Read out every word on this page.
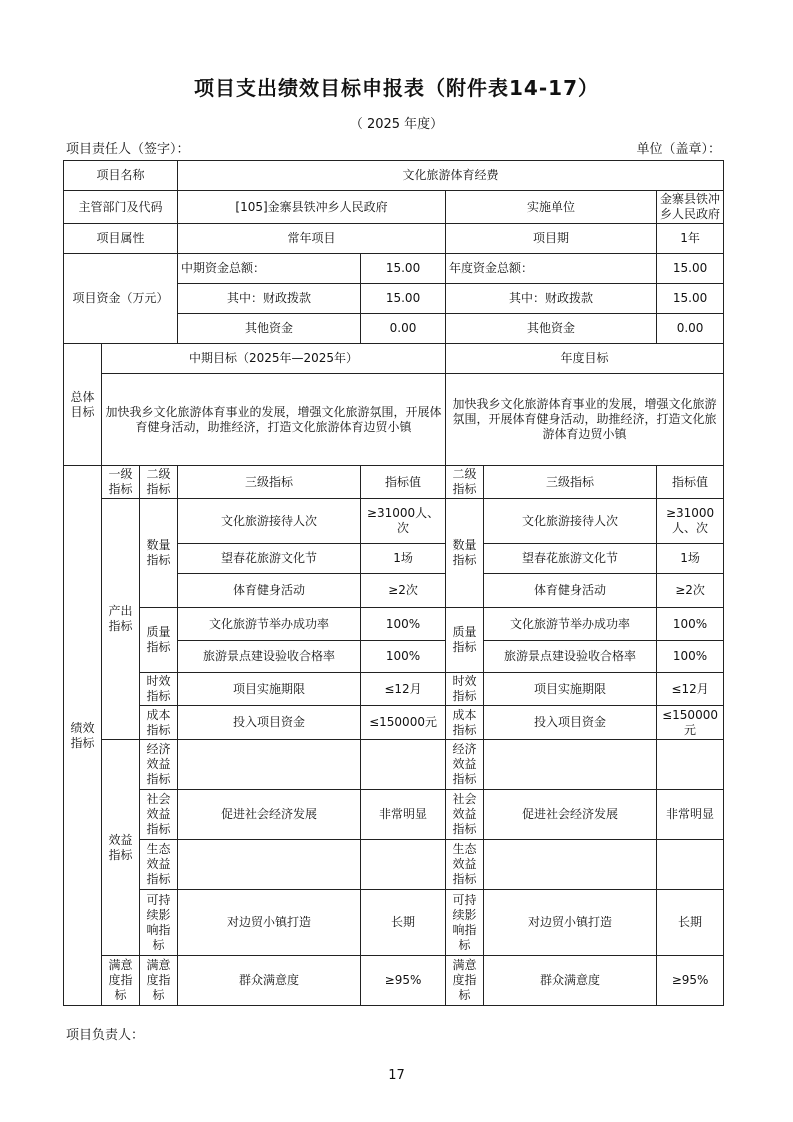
项目支出绩效目标申报表（附件表14-17）
（ 2025 年度）
项目责任人（签字）：	单位（盖章）：
项目名称			文化旅游体育经费				
主管部门及代码			[105]金寨县铁冲乡人民政府		实施单位		金寨县铁冲乡人民政府
项目属性			常年项目		项目期		1年
项目资金（万元）			中期资金总额：	15.00	年度资金总额：		15.00
			其中：财政拨款	15.00	其中：财政拨款		15.00
			其他资金	0.00	其他资金		0.00
总体目标	中期目标（2025年—2025年）				年度目标		
	加快我乡文化旅游体育事业的发展，增强文化旅游氛围，开展体育健身活动，助推经济，打造文化旅游体育边贸小镇				加快我乡文化旅游体育事业的发展，增强文化旅游氛围，开展体育健身活动，助推经济，打造文化旅游体育边贸小镇		
绩效指标	一级指标	二级指标	三级指标	指标值	二级指标	三级指标	指标值
	产出指标	数量指标	文化旅游接待人次	≥31000人、次	数量指标	文化旅游接待人次	≥31000人、次
			望春花旅游文化节	1场		望春花旅游文化节	1场
			体育健身活动	≥2次		体育健身活动	≥2次
		质量指标	文化旅游节举办成功率	100%	质量指标	文化旅游节举办成功率	100%
			旅游景点建设验收合格率	100%		旅游景点建设验收合格率	100%
		时效指标	项目实施期限	≤12月	时效指标	项目实施期限	≤12月
		成本指标	投入项目资金	≤150000元	成本指标	投入项目资金	≤150000元
	效益指标	经济效益指标			经济效益指标		
		社会效益指标	促进社会经济发展	非常明显	社会效益指标	促进社会经济发展	非常明显
		生态效益指标			生态效益指标		
		可持续影响指标	对边贸小镇打造	长期	可持续影响指标	对边贸小镇打造	长期
	满意度指标	满意度指标	群众满意度	≥95%	满意度指标	群众满意度	≥95%
项目负责人：
17
